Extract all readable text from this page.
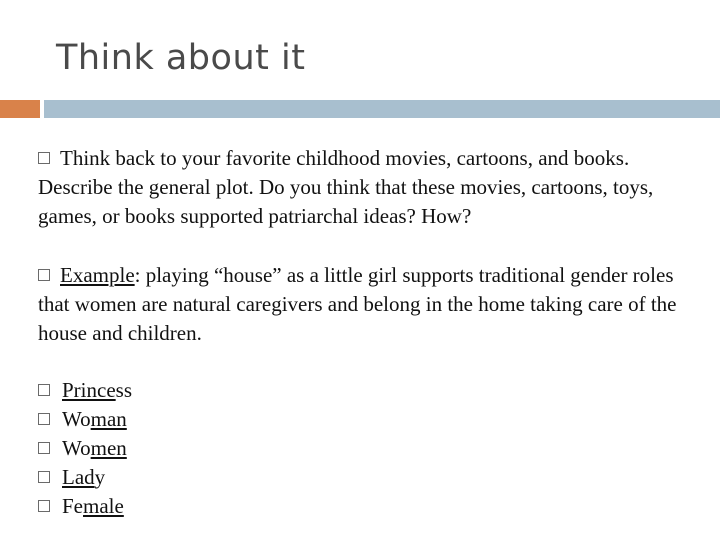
Think about it
Think back to your favorite childhood movies, cartoons, and books. Describe the general plot. Do you think that these movies, cartoons, toys, games, or books supported patriarchal ideas? How?
Example: playing “house” as a little girl supports traditional gender roles that women are natural caregivers and belong in the home taking care of the house and children.
Princess
Woman
Women
Lady
Female
